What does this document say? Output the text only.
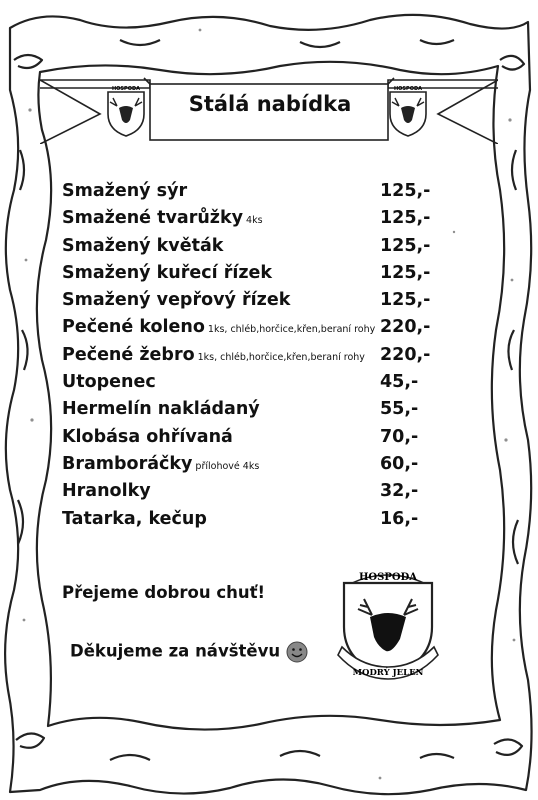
Stálá nabídka
HOSPODA	HOSPODA
Smažený sýr	125,-
Smažené tvarůžky 4ks	125,-
Smažený květák	125,-
Smažený kuřecí řízek	125,-
Smažený vepřový řízek	125,-
Pečené koleno 1ks, chléb,horčice,křen,beraní rohy 220,-
Pečené žebro 1ks, chléb,horčice,křen,beraní rohy 220,-
Utopenec	45,-
Hermelín nakládaný	55,-
Klobása ohřívaná	70,-
Bramboráčky přílohové 4ks	60,-
Hranolky	32,-
Tatarka, kečup	16,-
Přejeme dobrou chuť!
Děkujeme za návštěvu
HOSPODA
MODRÝ JELEN
